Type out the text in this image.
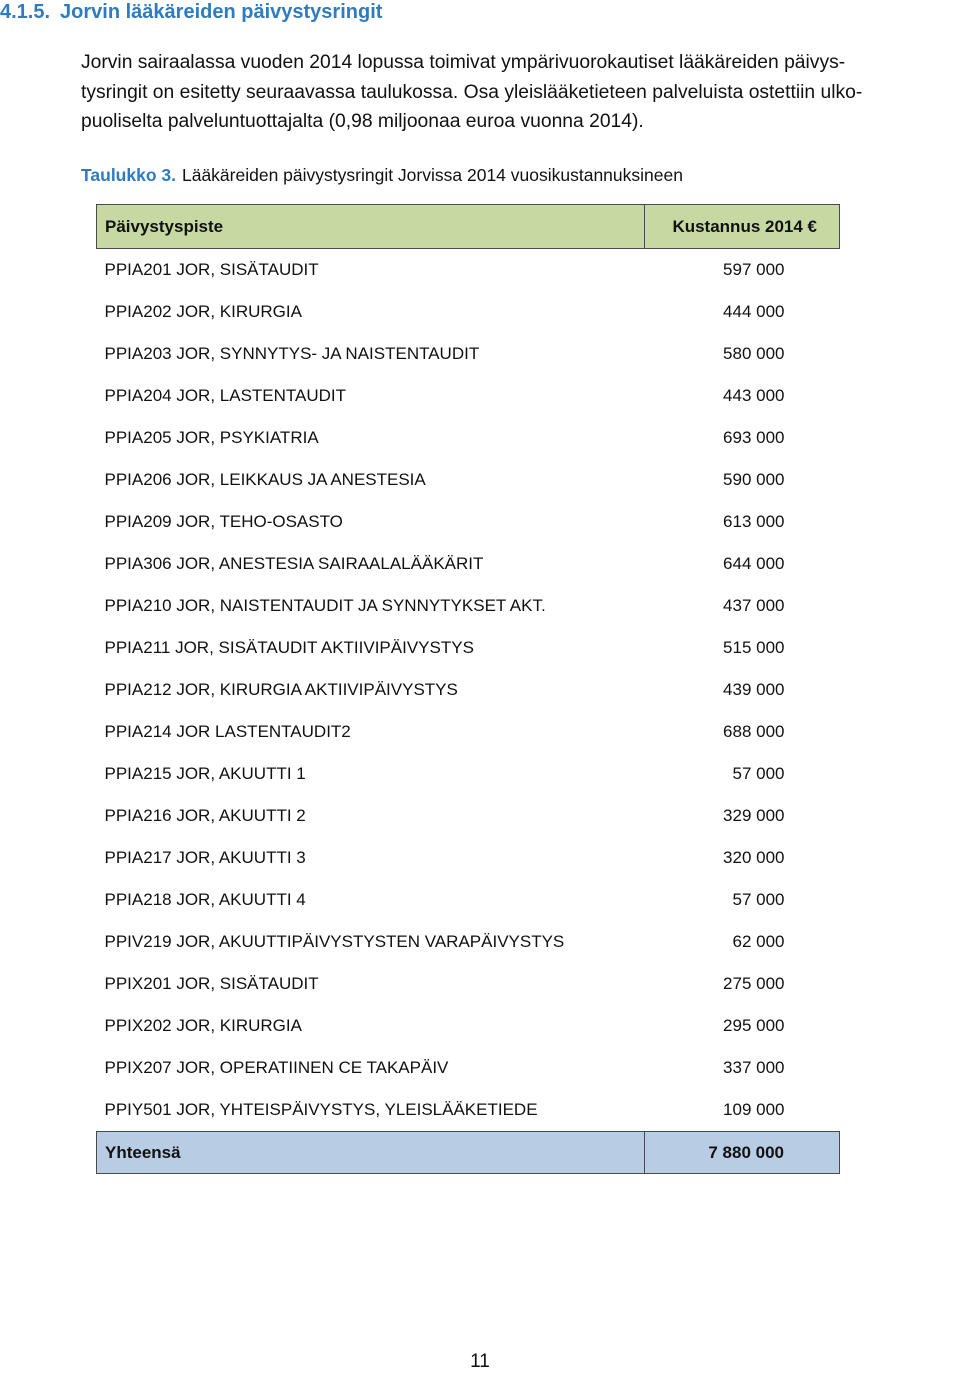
4.1.5. Jorvin lääkäreiden päivystysringit

Jorvin sairaalassa vuoden 2014 lopussa toimivat ympärivuorokautiset lääkäreiden päivys-
tysringit on esitetty seuraavassa taulukossa. Osa yleislääketieteen palveluista ostettiin ulko-
puoliselta palveluntuottajalta (0,98 miljoonaa euroa vuonna 2014).

Taulukko 3. Lääkäreiden päivystysringit Jorvissa 2014 vuosikustannuksineen

Päivystyspiste	Kustannus 2014 €
PPIA201 JOR, SISÄTAUDIT	597 000
PPIA202 JOR, KIRURGIA	444 000
PPIA203 JOR, SYNNYTYS- JA NAISTENTAUDIT	580 000
PPIA204 JOR, LASTENTAUDIT	443 000
PPIA205 JOR, PSYKIATRIA	693 000
PPIA206 JOR, LEIKKAUS JA ANESTESIA	590 000
PPIA209 JOR, TEHO-OSASTO	613 000
PPIA306 JOR, ANESTESIA SAIRAALALÄÄKÄRIT	644 000
PPIA210 JOR, NAISTENTAUDIT JA SYNNYTYKSET AKT.	437 000
PPIA211 JOR, SISÄTAUDIT AKTIIVIPÄIVYSTYS	515 000
PPIA212 JOR, KIRURGIA AKTIIVIPÄIVYSTYS	439 000
PPIA214 JOR LASTENTAUDIT2	688 000
PPIA215 JOR, AKUUTTI 1	57 000
PPIA216 JOR, AKUUTTI 2	329 000
PPIA217 JOR, AKUUTTI 3	320 000
PPIA218 JOR, AKUUTTI 4	57 000
PPIV219 JOR, AKUUTTIPÄIVYSTYSTEN VARAPÄIVYSTYS	62 000
PPIX201 JOR, SISÄTAUDIT	275 000
PPIX202 JOR, KIRURGIA	295 000
PPIX207 JOR, OPERATIINEN CE TAKAPÄIV	337 000
PPIY501 JOR, YHTEISPÄIVYSTYS, YLEISLÄÄKETIEDE	109 000
Yhteensä	7 880 000

11
